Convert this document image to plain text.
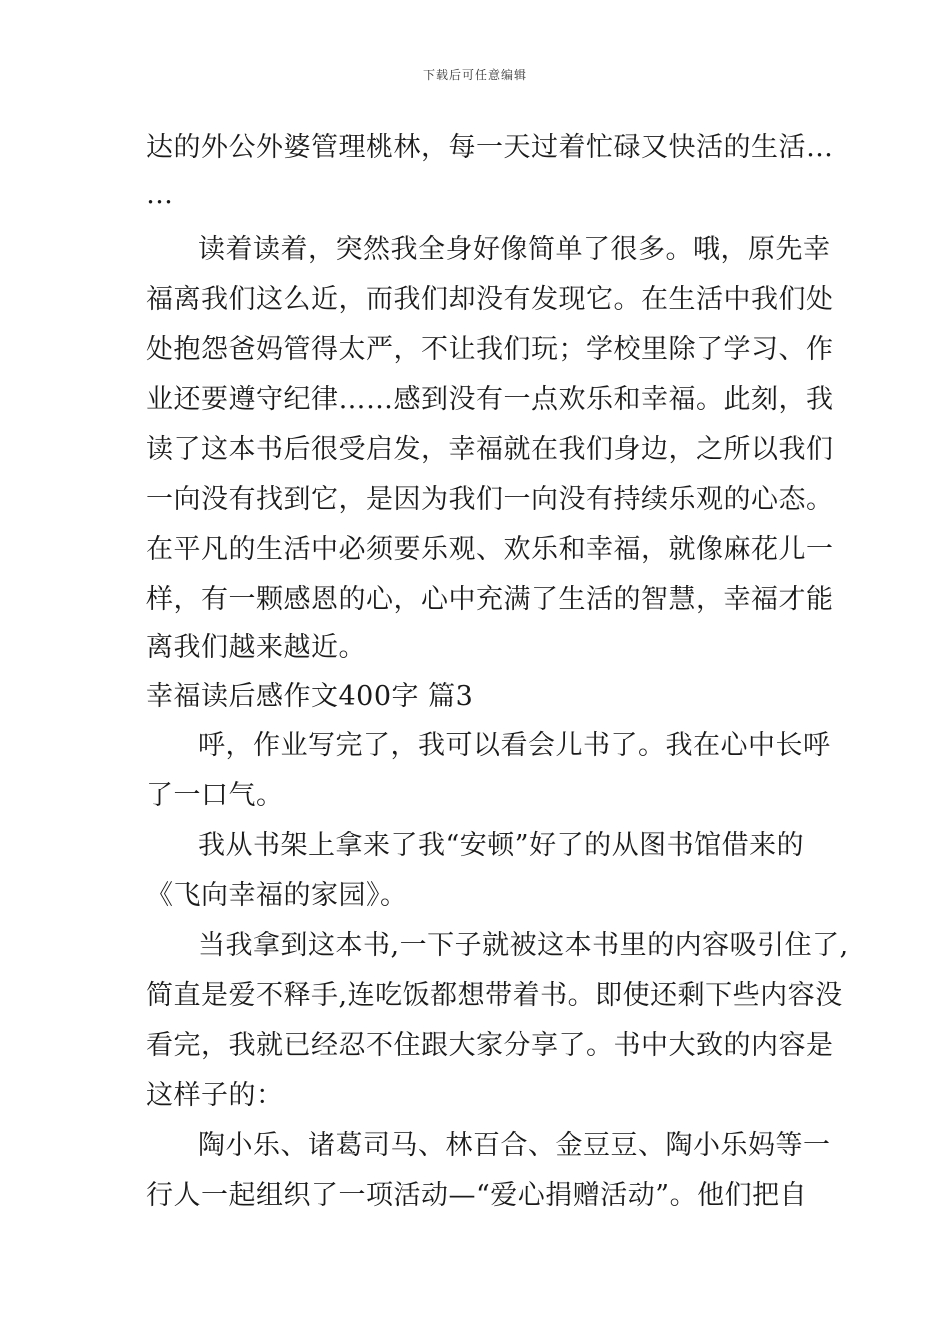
下载后可任意编辑
达的外公外婆管理桃林，每一天过着忙碌又快活的生活…
…
读着读着，突然我全身好像简单了很多。哦，原先幸
福离我们这么近，而我们却没有发现它。在生活中我们处
处抱怨爸妈管得太严，不让我们玩；学校里除了学习、作
业还要遵守纪律……感到没有一点欢乐和幸福。此刻，我
读了这本书后很受启发，幸福就在我们身边，之所以我们
一向没有找到它，是因为我们一向没有持续乐观的心态。
在平凡的生活中必须要乐观、欢乐和幸福，就像麻花儿一
样，有一颗感恩的心，心中充满了生活的智慧，幸福才能
离我们越来越近。
幸福读后感作文400字 篇3
呼，作业写完了，我可以看会儿书了。我在心中长呼
了一口气。
我从书架上拿来了我“安顿”好了的从图书馆借来的
《飞向幸福的家园》。
当我拿到这本书,一下子就被这本书里的内容吸引住了,
简直是爱不释手,连吃饭都想带着书。即使还剩下些内容没
看完，我就已经忍不住跟大家分享了。书中大致的内容是
这样子的：
陶小乐、诸葛司马、林百合、金豆豆、陶小乐妈等一
行人一起组织了一项活动—“爱心捐赠活动”。他们把自
